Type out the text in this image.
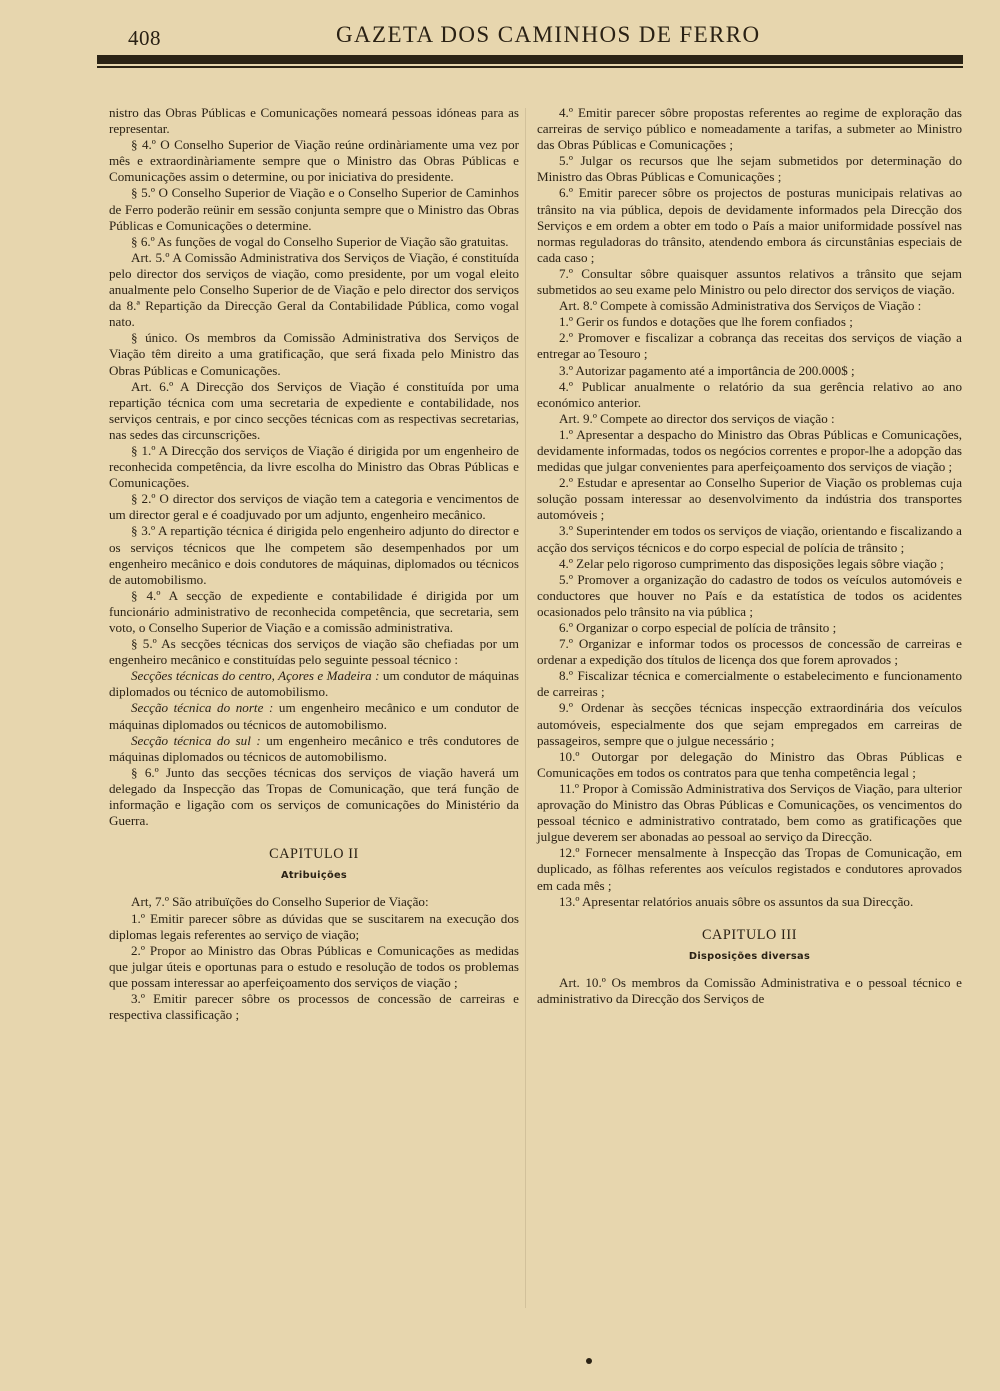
408	GAZETA DOS CAMINHOS DE FERRO

nistro das Obras Públicas e Comunicações nomeará pessoas idóneas para as representar.

§ 4.º O Conselho Superior de Viação reúne ordinàriamente uma vez por mês e extraordinàriamente sempre que o Ministro das Obras Públicas e Comunicações assim o determine, ou por iniciativa do presidente.

§ 5.º O Conselho Superior de Viação e o Conselho Superior de Caminhos de Ferro poderão reünir em sessão conjunta sempre que o Ministro das Obras Públicas e Comunicações o determine.

§ 6.º As funções de vogal do Conselho Superior de Viação são gratuitas.

Art. 5.º A Comissão Administrativa dos Serviços de Viação, é constituída pelo director dos serviços de viação, como presidente, por um vogal eleito anualmente pelo Conselho Superior de de Viação e pelo director dos serviços da 8.ª Repartição da Direcção Geral da Contabilidade Pública, como vogal nato.

§ único. Os membros da Comissão Administrativa dos Serviços de Viação têm direito a uma gratificação, que será fixada pelo Ministro das Obras Públicas e Comunicações.

Art. 6.º A Direcção dos Serviços de Viação é constituída por uma repartição técnica com uma secretaria de expediente e contabilidade, nos serviços centrais, e por cinco secções técnicas com as respectivas secretarias, nas sedes das circunscrições.

§ 1.º A Direcção dos serviços de Viação é dirigida por um engenheiro de reconhecida competência, da livre escolha do Ministro das Obras Públicas e Comunicações.

§ 2.º O director dos serviços de viação tem a categoria e vencimentos de um director geral e é coadjuvado por um adjunto, engenheiro mecânico.

§ 3.º A repartição técnica é dirigida pelo engenheiro adjunto do director e os serviços técnicos que lhe competem são desempenhados por um engenheiro mecânico e dois condutores de máquinas, diplomados ou técnicos de automobilismo.

§ 4.º A secção de expediente e contabilidade é dirigida por um funcionário administrativo de reconhecida competência, que secretaria, sem voto, o Conselho Superior de Viação e a comissão administrativa.

§ 5.º As secções técnicas dos serviços de viação são chefiadas por um engenheiro mecânico e constituídas pelo seguinte pessoal técnico :

Secções técnicas do centro, Açores e Madeira : um condutor de máquinas diplomados ou técnico de automobilismo.

Secção técnica do norte : um engenheiro mecânico e um condutor de máquinas diplomados ou técnicos de automobilismo.

Secção técnica do sul : um engenheiro mecânico e três condutores de máquinas diplomados ou técnicos de automobilismo.

§ 6.º Junto das secções técnicas dos serviços de viação haverá um delegado da Inspecção das Tropas de Comunicação, que terá função de informação e ligação com os serviços de comunicações do Ministério da Guerra.

CAPITULO II

Atribuições

Art, 7.º São atribuïções do Conselho Superior de Viação:

1.º Emitir parecer sôbre as dúvidas que se suscitarem na execução dos diplomas legais referentes ao serviço de viação;

2.º Propor ao Ministro das Obras Públicas e Comunicações as medidas que julgar úteis e oportunas para o estudo e resolução de todos os problemas que possam interessar ao aperfeiçoamento dos serviços de viação ;

3.º Emitir parecer sôbre os processos de concessão de carreiras e respectiva classificação ;

4.º Emitir parecer sôbre propostas referentes ao regime de exploração das carreiras de serviço público e nomeadamente a tarifas, a submeter ao Ministro das Obras Públicas e Comunicações ;

5.º Julgar os recursos que lhe sejam submetidos por determinação do Ministro das Obras Públicas e Comunicações ;

6.º Emitir parecer sôbre os projectos de posturas municipais relativas ao trânsito na via pública, depois de devidamente informados pela Direcção dos Serviços e em ordem a obter em todo o País a maior uniformidade possível nas normas reguladoras do trânsito, atendendo embora ás circunstânias especiais de cada caso ;

7.º Consultar sôbre quaisquer assuntos relativos a trânsito que sejam submetidos ao seu exame pelo Ministro ou pelo director dos serviços de viação.

Art. 8.º Compete à comissão Administrativa dos Serviços de Viação :

1.º Gerir os fundos e dotações que lhe forem confiados ;

2.º Promover e fiscalizar a cobrança das receitas dos serviços de viação a entregar ao Tesouro ;

3.º Autorizar pagamento até a importância de 200.000$ ;

4.º Publicar anualmente o relatório da sua gerência relativo ao ano económico anterior.

Art. 9.º Compete ao director dos serviços de viação :

1.º Apresentar a despacho do Ministro das Obras Públicas e Comunicações, devidamente informadas, todos os negócios correntes e propor-lhe a adopção das medidas que julgar convenientes para aperfeiçoamento dos serviços de viação ;

2.º Estudar e apresentar ao Conselho Superior de Viação os problemas cuja solução possam interessar ao desenvolvimento da indústria dos transportes automóveis ;

3.º Superintender em todos os serviços de viação, orientando e fiscalizando a acção dos serviços técnicos e do corpo especial de polícia de trânsito ;

4.º Zelar pelo rigoroso cumprimento das disposições legais sôbre viação ;

5.º Promover a organização do cadastro de todos os veículos automóveis e conductores que houver no País e da estatística de todos os acidentes ocasionados pelo trânsito na via pública ;

6.º Organizar o corpo especial de polícia de trânsito ;

7.º Organizar e informar todos os processos de concessão de carreiras e ordenar a expedição dos títulos de licença dos que forem aprovados ;

8.º Fiscalizar técnica e comercialmente o estabelecimento e funcionamento de carreiras ;

9.º Ordenar às secções técnicas inspecção extraordinária dos veículos automóveis, especialmente dos que sejam empregados em carreiras de passageiros, sempre que o julgue necessário ;

10.º Outorgar por delegação do Ministro das Obras Públicas e Comunicações em todos os contratos para que tenha competência legal ;

11.º Propor à Comissão Administrativa dos Serviços de Viação, para ulterior aprovação do Ministro das Obras Públicas e Comunicações, os vencimentos do pessoal técnico e administrativo contratado, bem como as gratificações que julgue deverem ser abonadas ao pessoal ao serviço da Direcção.

12.º Fornecer mensalmente à Inspecção das Tropas de Comunicação, em duplicado, as fôlhas referentes aos veículos registados e condutores aprovados em cada mês ;

13.º Apresentar relatórios anuais sôbre os assuntos da sua Direcção.

CAPITULO III

Disposições diversas

Art. 10.º Os membros da Comissão Administrativa e o pessoal técnico e administrativo da Direcção dos Serviços de
